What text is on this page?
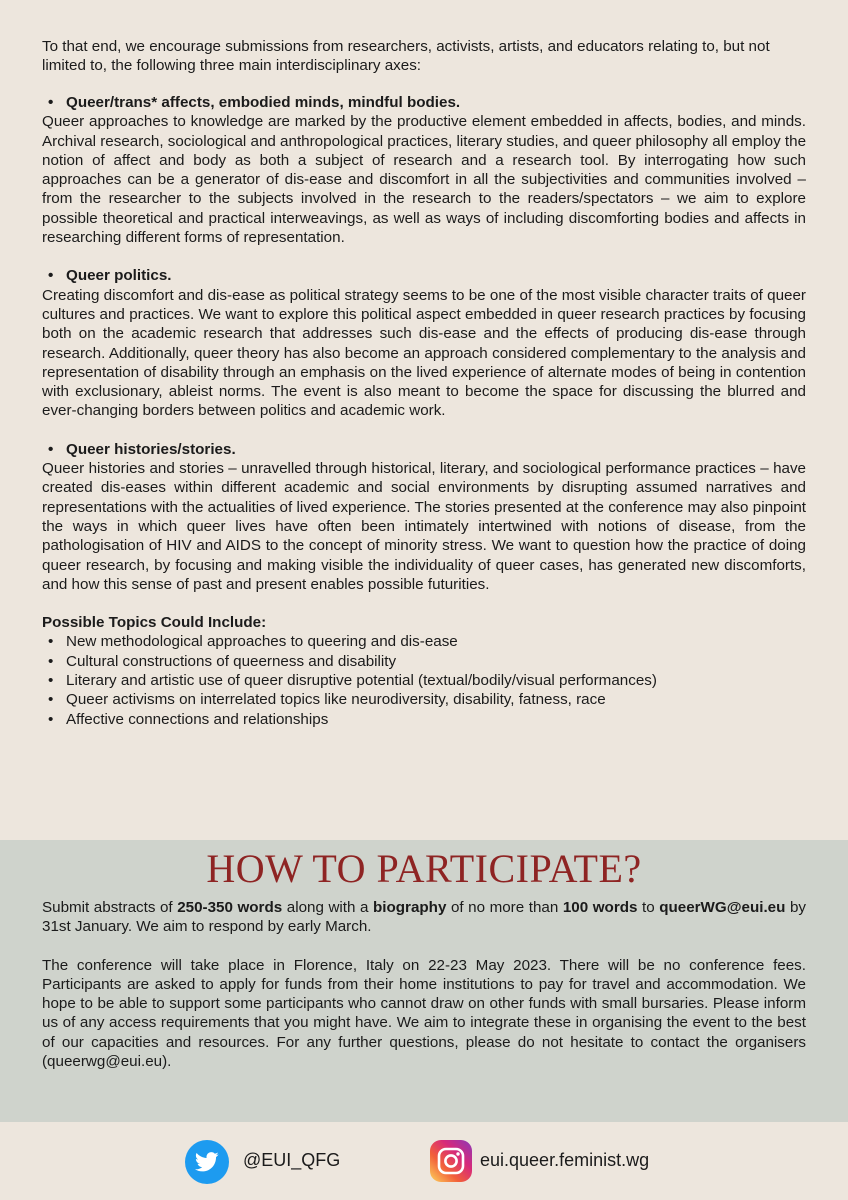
To that end, we encourage submissions from researchers, activists, artists, and educators relating to, but not limited to, the following three main interdisciplinary axes:
• Queer/trans* affects, embodied minds, mindful bodies.
Queer approaches to knowledge are marked by the productive element embedded in affects, bodies, and minds. Archival research, sociological and anthropological practices, literary studies, and queer philosophy all employ the notion of affect and body as both a subject of research and a research tool. By interrogating how such approaches can be a generator of dis-ease and discomfort in all the subjectivities and communities involved – from the researcher to the subjects involved in the research to the readers/spectators – we aim to explore possible theoretical and practical interweavings, as well as ways of including discomforting bodies and affects in researching different forms of representation.
• Queer politics.
Creating discomfort and dis-ease as political strategy seems to be one of the most visible character traits of queer cultures and practices. We want to explore this political aspect embedded in queer research practices by focusing both on the academic research that addresses such dis-ease and the effects of producing dis-ease through research. Additionally, queer theory has also become an approach considered complementary to the analysis and representation of disability through an emphasis on the lived experience of alternate modes of being in contention with exclusionary, ableist norms. The event is also meant to become the space for discussing the blurred and ever-changing borders between politics and academic work.
• Queer histories/stories.
Queer histories and stories – unravelled through historical, literary, and sociological performance practices – have created dis-eases within different academic and social environments by disrupting assumed narratives and representations with the actualities of lived experience. The stories presented at the conference may also pinpoint the ways in which queer lives have often been intimately intertwined with notions of disease, from the pathologisation of HIV and AIDS to the concept of minority stress. We want to question how the practice of doing queer research, by focusing and making visible the individuality of queer cases, has generated new discomforts, and how this sense of past and present enables possible futurities.
Possible Topics Could Include:
• New methodological approaches to queering and dis-ease
• Cultural constructions of queerness and disability
• Literary and artistic use of queer disruptive potential (textual/bodily/visual performances)
• Queer activisms on interrelated topics like neurodiversity, disability, fatness, race
• Affective connections and relationships
HOW TO PARTICIPATE?

Submit abstracts of 250-350 words along with a biography of no more than 100 words to queerWG@eui.eu by 31st January. We aim to respond by early March.

The conference will take place in Florence, Italy on 22-23 May 2023. There will be no conference fees. Participants are asked to apply for funds from their home institutions to pay for travel and accommodation. We hope to be able to support some participants who cannot draw on other funds with small bursaries. Please inform us of any access requirements that you might have. We aim to integrate these in organising the event to the best of our capacities and resources. For any further questions, please do not hesitate to contact the organisers (queerwg@eui.eu).

@EUI_QFG	eui.queer.feminist.wg
